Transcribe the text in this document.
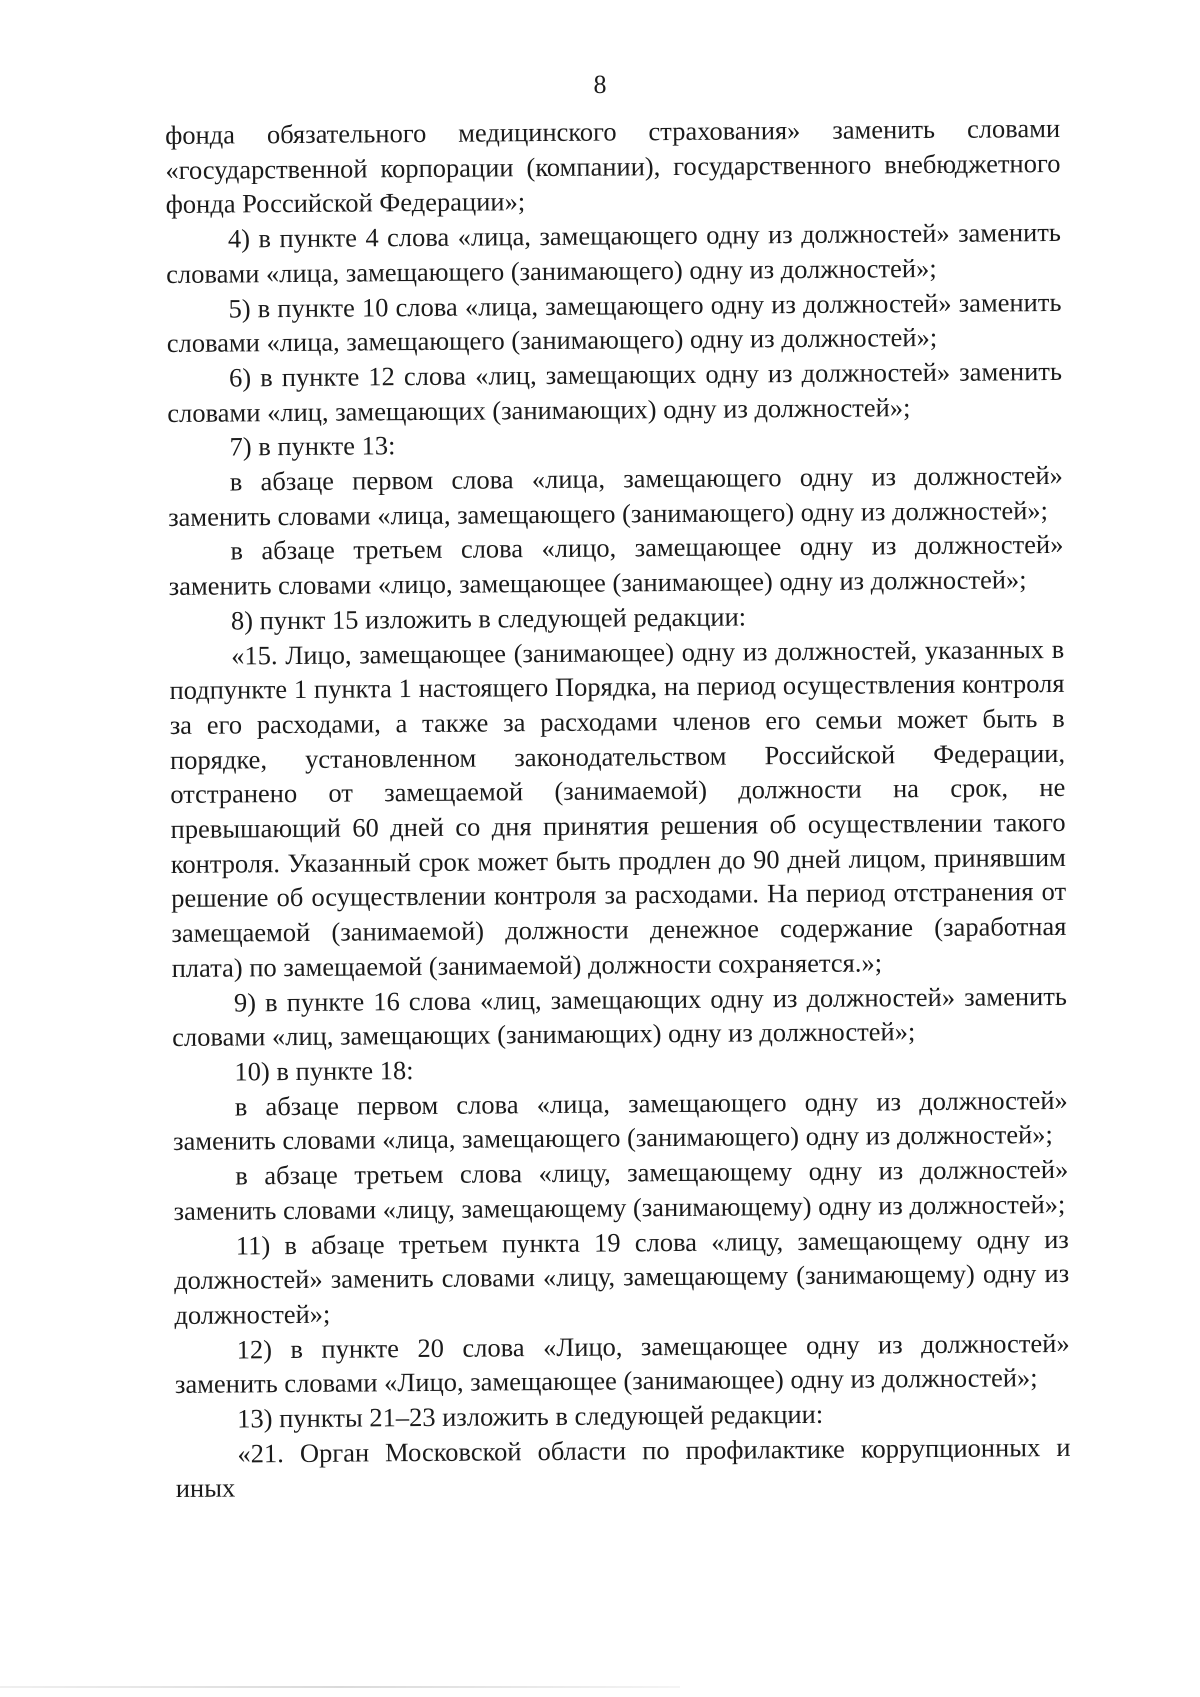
8

фонда обязательного медицинского страхования» заменить словами «государственной корпорации (компании), государственного внебюджетного фонда Российской Федерации»;

4) в пункте 4 слова «лица, замещающего одну из должностей» заменить словами «лица, замещающего (занимающего) одну из должностей»;

5) в пункте 10 слова «лица, замещающего одну из должностей» заменить словами «лица, замещающего (занимающего) одну из должностей»;

6) в пункте 12 слова «лиц, замещающих одну из должностей» заменить словами «лиц, замещающих (занимающих) одну из должностей»;

7) в пункте 13:

в абзаце первом слова «лица, замещающего одну из должностей» заменить словами «лица, замещающего (занимающего) одну из должностей»;

в абзаце третьем слова «лицо, замещающее одну из должностей» заменить словами «лицо, замещающее (занимающее) одну из должностей»;

8) пункт 15 изложить в следующей редакции:

«15. Лицо, замещающее (занимающее) одну из должностей, указанных в подпункте 1 пункта 1 настоящего Порядка, на период осуществления контроля за его расходами, а также за расходами членов его семьи может быть в порядке, установленном законодательством Российской Федерации, отстранено от замещаемой (занимаемой) должности на срок, не превышающий 60 дней со дня принятия решения об осуществлении такого контроля. Указанный срок может быть продлен до 90 дней лицом, принявшим решение об осуществлении контроля за расходами. На период отстранения от замещаемой (занимаемой) должности денежное содержание (заработная плата) по замещаемой (занимаемой) должности сохраняется.»;

9) в пункте 16 слова «лиц, замещающих одну из должностей» заменить словами «лиц, замещающих (занимающих) одну из должностей»;

10) в пункте 18:

в абзаце первом слова «лица, замещающего одну из должностей» заменить словами «лица, замещающего (занимающего) одну из должностей»;

в абзаце третьем слова «лицу, замещающему одну из должностей» заменить словами «лицу, замещающему (занимающему) одну из должностей»;

11) в абзаце третьем пункта 19 слова «лицу, замещающему одну из должностей» заменить словами «лицу, замещающему (занимающему) одну из должностей»;

12) в пункте 20 слова «Лицо, замещающее одну из должностей» заменить словами «Лицо, замещающее (занимающее) одну из должностей»;

13) пункты 21–23 изложить в следующей редакции:

«21. Орган Московской области по профилактике коррупционных и иных
